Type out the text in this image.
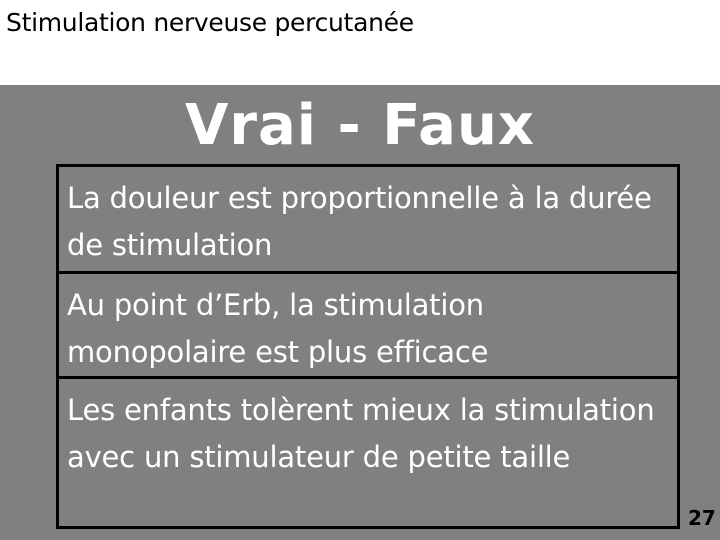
Stimulation nerveuse percutanée
Vrai - Faux
La douleur est proportionnelle à la durée de stimulation
Au point d’Erb, la stimulation monopolaire est plus efficace
Les enfants tolèrent mieux la stimulation avec un stimulateur de petite taille
27
